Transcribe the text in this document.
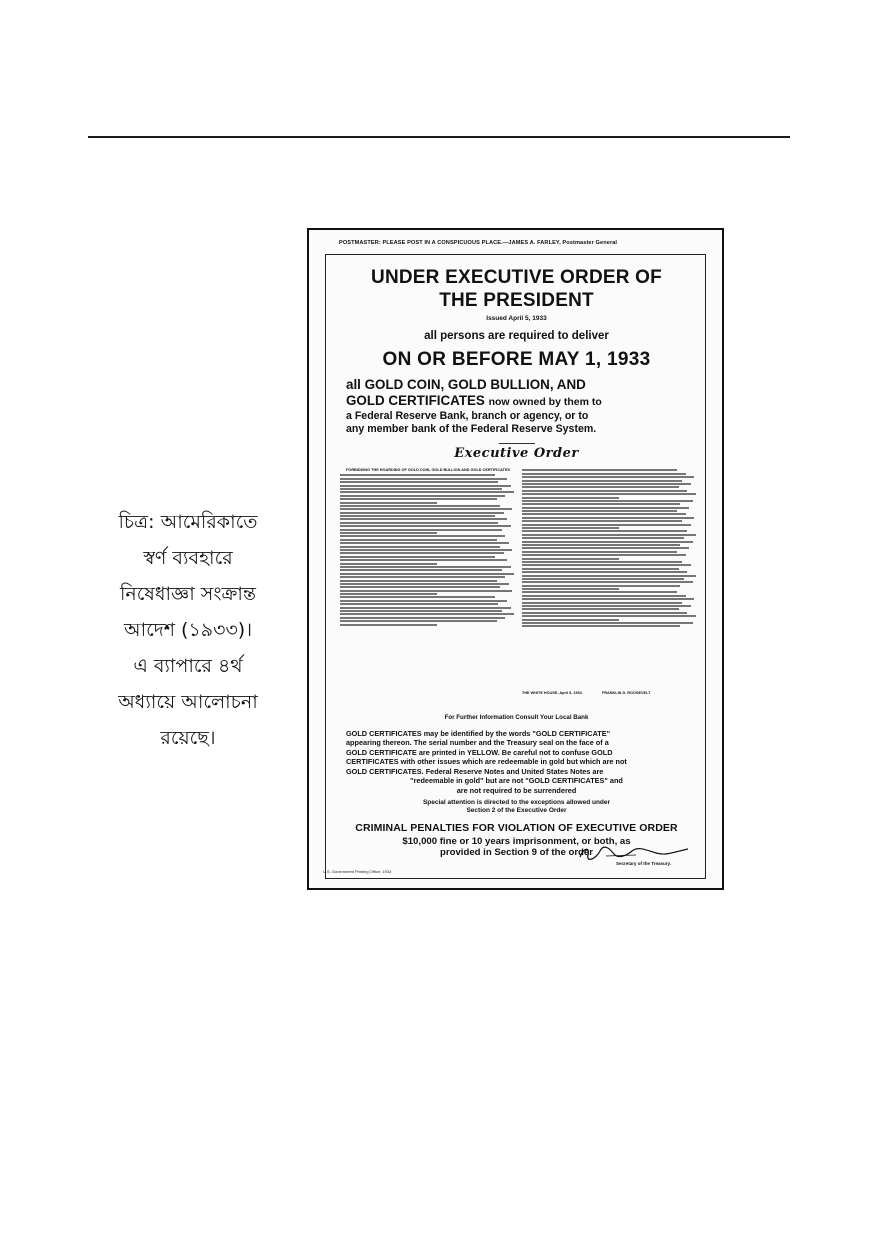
চিত্র: আমেরিকাতে
স্বর্ণ ব্যবহারে
নিষেধাজ্ঞা সংক্রান্ত
আদেশ (১৯৩৩)।
এ ব্যাপারে ৪র্থ
অধ্যায়ে আলোচনা
রয়েছে।
POSTMASTER: PLEASE POST IN A CONSPICUOUS PLACE.—JAMES A. FARLEY, Postmaster General
UNDER EXECUTIVE ORDER OF
THE PRESIDENT
Issued April 5, 1933
all persons are required to deliver
ON OR BEFORE MAY 1, 1933
all GOLD COIN, GOLD BULLION, AND
GOLD CERTIFICATES now owned by them to
a Federal Reserve Bank, branch or agency, or to
any member bank of the Federal Reserve System.
Executive Order
FORBIDDING THE HOARDING OF GOLD COIN, GOLD BULLION AND GOLD CERTIFICATES
THE WHITE HOUSE, April 5, 1933.	FRANKLIN D. ROOSEVELT
For Further Information Consult Your Local Bank
GOLD CERTIFICATES may be identified by the words "GOLD CERTIFICATE"
appearing thereon. The serial number and the Treasury seal on the face of a
GOLD CERTIFICATE are printed in YELLOW. Be careful not to confuse GOLD
CERTIFICATES with other issues which are redeemable in gold but which are not
GOLD CERTIFICATES. Federal Reserve Notes and United States Notes are
"redeemable in gold" but are not "GOLD CERTIFICATES" and
are not required to be surrendered
Special attention is directed to the exceptions allowed under
Section 2 of the Executive Order
CRIMINAL PENALTIES FOR VIOLATION OF EXECUTIVE ORDER
$10,000 fine or 10 years imprisonment, or both, as
provided in Section 9 of the order
Secretary of the Treasury.
U.S. Government Printing Office: 1933
